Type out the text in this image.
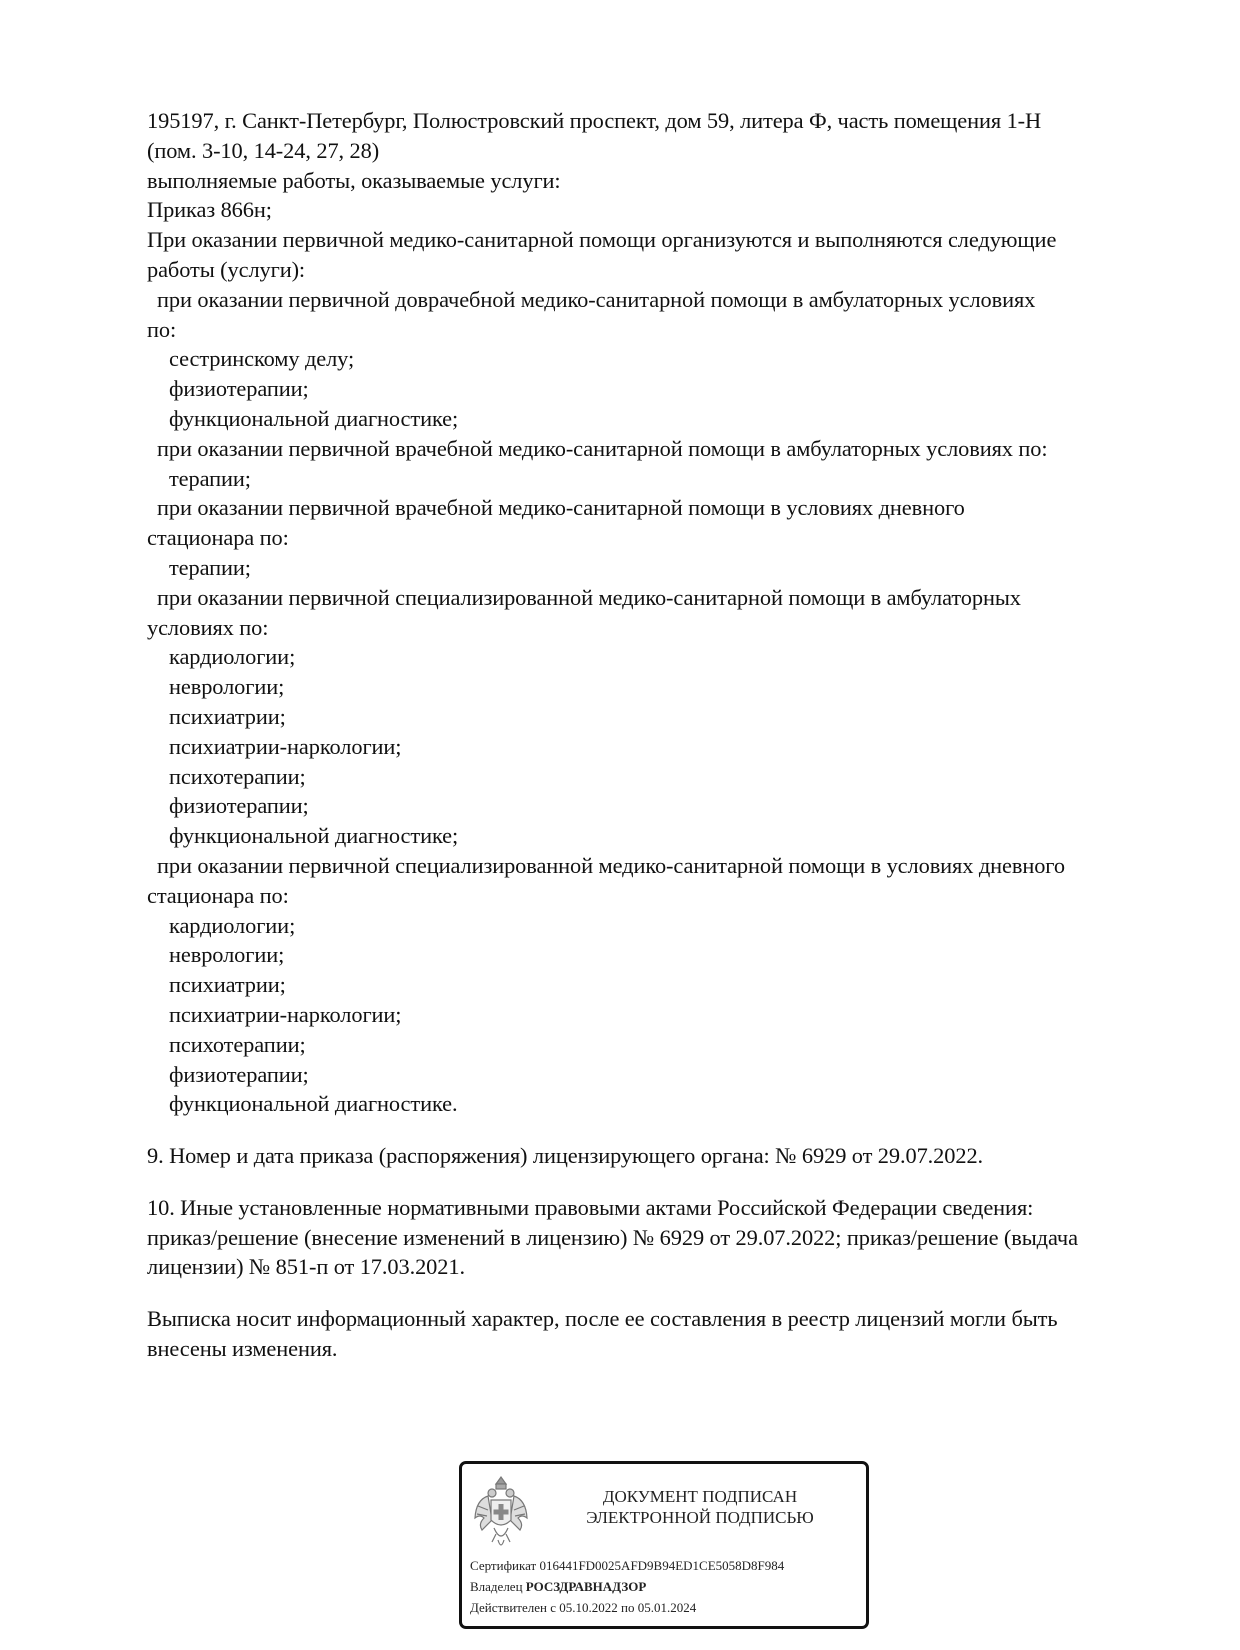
195197, г. Санкт-Петербург, Полюстровский проспект, дом 59, литера Ф, часть помещения 1-Н
(пом. 3-10, 14-24, 27, 28)
выполняемые работы, оказываемые услуги:
Приказ 866н;
При оказании первичной медико-санитарной помощи организуются и выполняются следующие
работы (услуги):
при оказании первичной доврачебной медико-санитарной помощи в амбулаторных условиях
по:
сестринскому делу;
физиотерапии;
функциональной диагностике;
при оказании первичной врачебной медико-санитарной помощи в амбулаторных условиях по:
терапии;
при оказании первичной врачебной медико-санитарной помощи в условиях дневного
стационара по:
терапии;
при оказании первичной специализированной медико-санитарной помощи в амбулаторных
условиях по:
кардиологии;
неврологии;
психиатрии;
психиатрии-наркологии;
психотерапии;
физиотерапии;
функциональной диагностике;
при оказании первичной специализированной медико-санитарной помощи в условиях дневного
стационара по:
кардиологии;
неврологии;
психиатрии;
психиатрии-наркологии;
психотерапии;
физиотерапии;
функциональной диагностике.
9. Номер и дата приказа (распоряжения) лицензирующего органа: № 6929 от 29.07.2022.
10. Иные установленные нормативными правовыми актами Российской Федерации сведения:
приказ/решение (внесение изменений в лицензию) № 6929 от 29.07.2022; приказ/решение (выдача
лицензии) № 851-п от 17.03.2021.
Выписка носит информационный характер, после ее составления в реестр лицензий могли быть
внесены изменения.
ДОКУМЕНТ ПОДПИСАН
ЭЛЕКТРОННОЙ ПОДПИСЬЮ
Сертификат 016441FD0025AFD9B94ED1CE5058D8F984
Владелец РОСЗДРАВНАДЗОР
Действителен с 05.10.2022 по 05.01.2024
